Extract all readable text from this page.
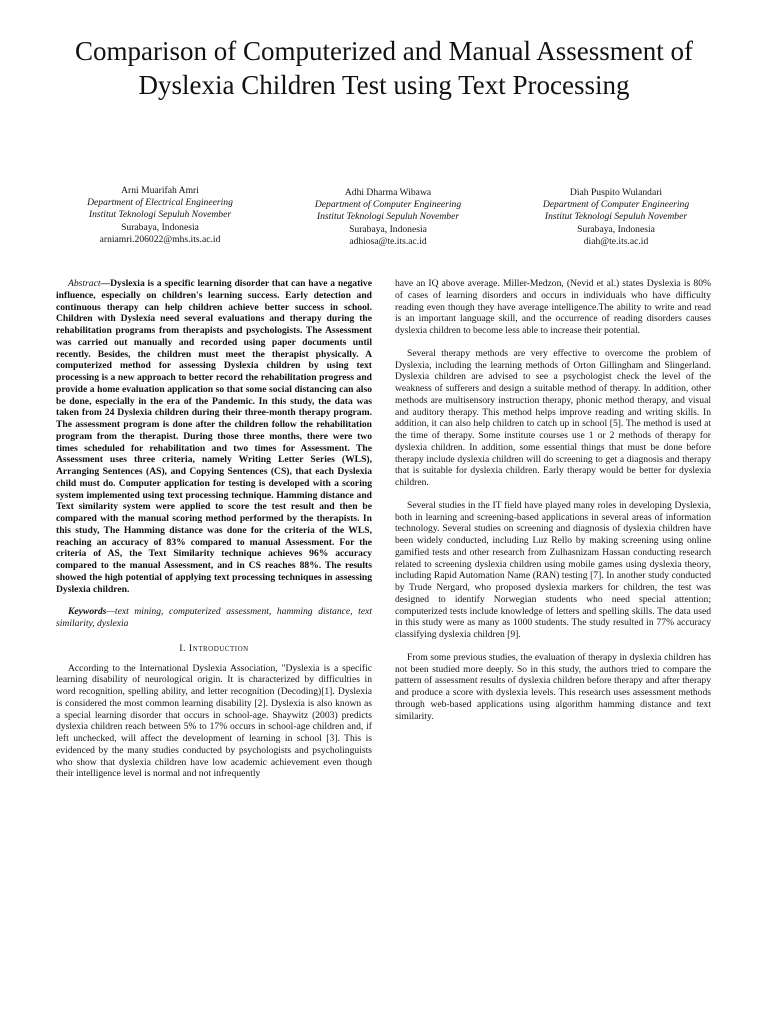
Comparison of Computerized and Manual Assessment of Dyslexia Children Test using Text Processing
Arni Muarifah Amri
Department of Electrical Engineering
Institut Teknologi Sepuluh November
Surabaya, Indonesia
arniamri.206022@mhs.its.ac.id
Adhi Dharma Wibawa
Department of Computer Engineering
Institut Teknologi Sepuluh November
Surabaya, Indonesia
adhiosa@te.its.ac.id
Diah Puspito Wulandari
Department of Computer Engineering
Institut Teknologi Sepuluh November
Surabaya, Indonesia
diah@te.its.ac.id

Abstract—Dyslexia is a specific learning disorder that can have a negative influence, especially on children's learning success. Early detection and continuous therapy can help children achieve better success in school. Children with Dyslexia need several evaluations and therapy during the rehabilitation programs from therapists and psychologists. The Assessment was carried out manually and recorded using paper documents until recently. Besides, the children must meet the therapist physically. A computerized method for assessing Dyslexia children by using text processing is a new approach to better record the rehabilitation progress and provide a home evaluation application so that some social distancing can also be done, especially in the era of the Pandemic. In this study, the data was taken from 24 Dyslexia children during their three-month therapy program. The assessment program is done after the children follow the rehabilitation program from the therapist. During those three months, there were two times scheduled for rehabilitation and two times for Assessment. The Assessment uses three criteria, namely Writing Letter Series (WLS), Arranging Sentences (AS), and Copying Sentences (CS), that each Dyslexia child must do. Computer application for testing is developed with a scoring system implemented using text processing technique. Hamming distance and Text similarity system were applied to score the test result and then be compared with the manual scoring method performed by the therapists. In this study, The Hamming distance was done for the criteria of the WLS, reaching an accuracy of 83% compared to manual Assessment. For the criteria of AS, the Text Similarity technique achieves 96% accuracy compared to the manual Assessment, and in CS reaches 88%. The results showed the high potential of applying text processing techniques in assessing Dyslexia children.

Keywords—text mining, computerized assessment, hamming distance, text similarity, dyslexia

I. Introduction

According to the International Dyslexia Association, "Dyslexia is a specific learning disability of neurological origin. It is characterized by difficulties in word recognition, spelling ability, and letter recognition (Decoding)[1]. Dyslexia is considered the most common learning disability [2]. Dyslexia is also known as a special learning disorder that occurs in school-age. Shaywitz (2003) predicts dyslexia children reach between 5% to 17% occurs in school-age children and, if left unchecked, will affect the development of learning in school [3]. This is evidenced by the many studies conducted by psychologists and psycholinguists who show that dyslexia children have low academic achievement even though their intelligence level is normal and not infrequently

have an IQ above average. Miller-Medzon, (Nevid et al.) states Dyslexia is 80% of cases of learning disorders and occurs in individuals who have difficulty reading even though they have average intelligence.The ability to write and read is an important language skill, and the occurrence of reading disorders causes dyslexia children to become less able to increase their potential.

Several therapy methods are very effective to overcome the problem of Dyslexia, including the learning methods of Orton Gillingham and Slingerland. Dyslexia children are advised to see a psychologist check the level of the weakness of sufferers and design a suitable method of therapy. In addition, other methods are multisensory instruction therapy, phonic method therapy, and visual and auditory therapy. This method helps improve reading and writing skills. In addition, it can also help children to catch up in school [5]. The method is used at the time of therapy. Some institute courses use 1 or 2 methods of therapy for dyslexia children. In addition, some essential things that must be done before therapy include dyslexia children will do screening to get a diagnosis and therapy that is suitable for dyslexia children. Early therapy would be better for dyslexia children.

Several studies in the IT field have played many roles in developing Dyslexia, both in learning and screening-based applications in several areas of information technology. Several studies on screening and diagnosis of dyslexia children have been widely conducted, including Luz Rello by making screening using online gamified tests and other research from Zulhasnizam Hassan conducting research related to screening dyslexia children using mobile games using dyslexia theory, including Rapid Automation Name (RAN) testing [7]. In another study conducted by Trude Nergard, who proposed dyslexia markers for children, the test was designed to identify Norwegian students who need special attention; computerized tests include knowledge of letters and spelling skills. The data used in this study were as many as 1000 students. The study resulted in 77% accuracy classifying dyslexia children [9].

From some previous studies, the evaluation of therapy in dyslexia children has not been studied more deeply. So in this study, the authors tried to compare the pattern of assessment results of dyslexia children before therapy and after therapy and produce a score with dyslexia levels. This research uses assessment methods through web-based applications using algorithm hamming distance and text similarity.
